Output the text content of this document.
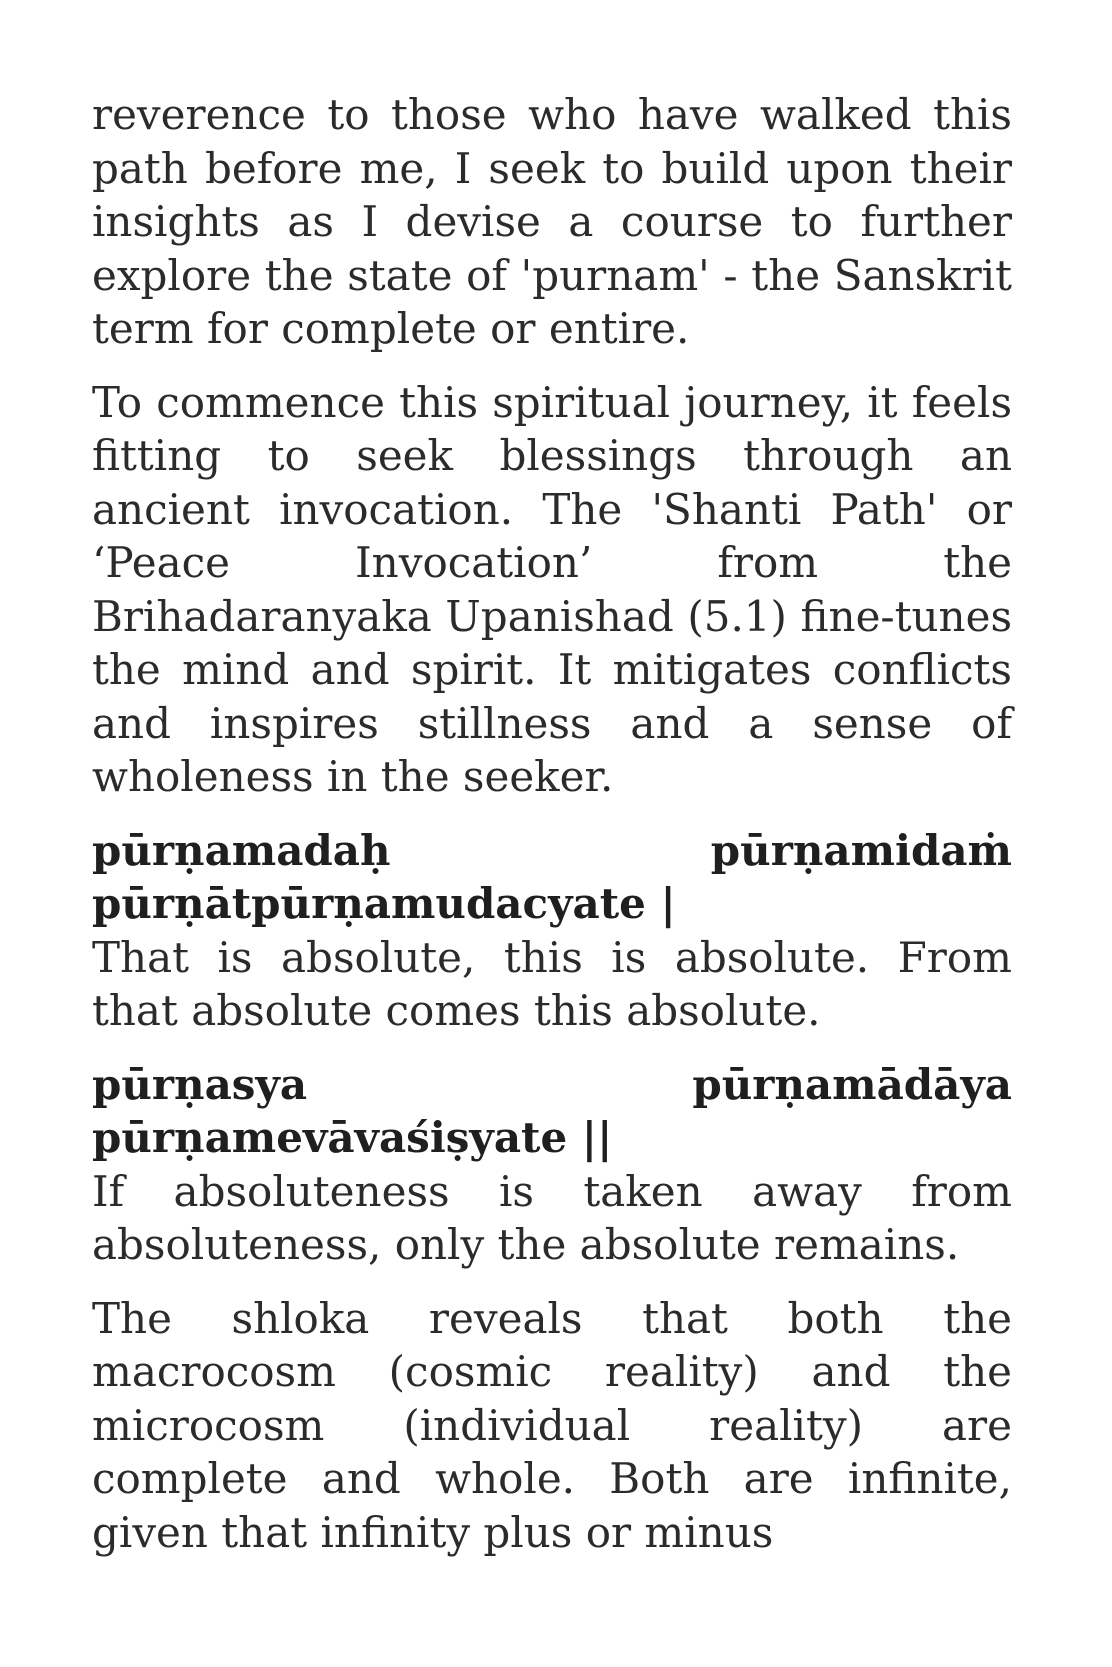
reverence to those who have walked this path before me, I seek to build upon their insights as I devise a course to further explore the state of 'purnam' - the Sanskrit term for complete or entire.

To commence this spiritual journey, it feels fitting to seek blessings through an ancient invocation. The 'Shanti Path' or ‘Peace Invocation’ from the Brihadaranyaka Upanishad (5.1) fine-tunes the mind and spirit. It mitigates conflicts and inspires stillness and a sense of wholeness in the seeker.

pūrṇamadaḥ	pūrṇamidaṁ
pūrṇātpūrṇamudacyate |

That is absolute, this is absolute. From that absolute comes this absolute.

pūrṇasya	pūrṇamādāya
pūrṇamevāvaśiṣyate ||

If absoluteness is taken away from absoluteness, only the absolute remains.

The shloka reveals that both the macrocosm (cosmic reality) and the microcosm (individual reality) are complete and whole. Both are infinite, given that infinity plus or minus
